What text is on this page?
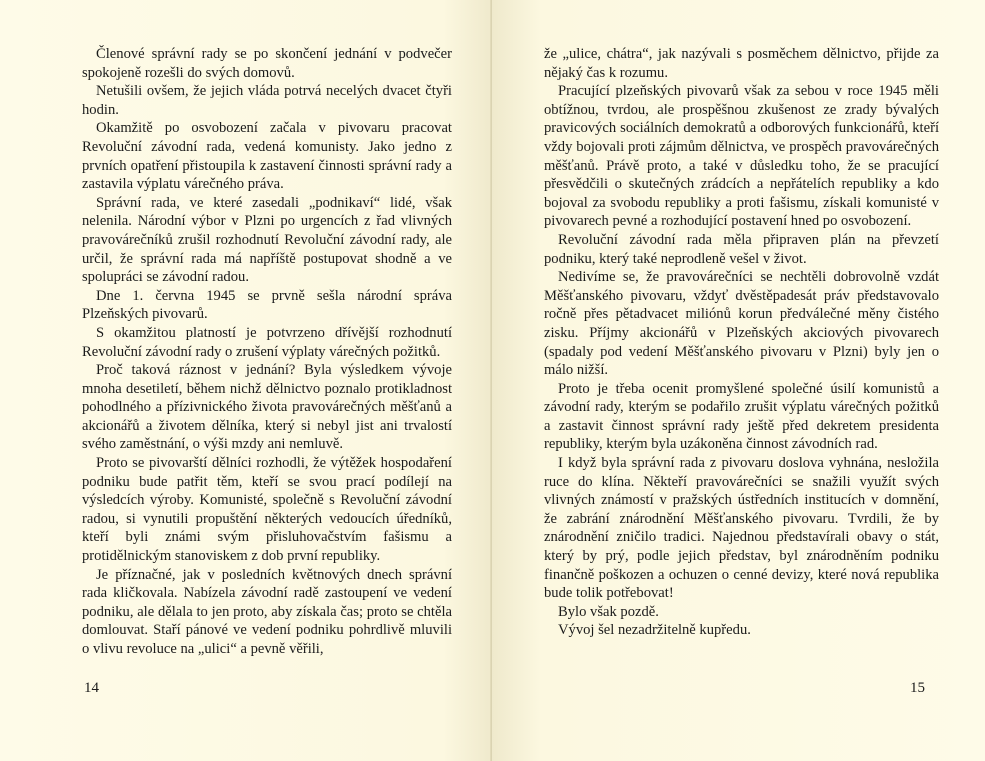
Členové správní rady se po skončení jednání v podvečer spokojeně rozešli do svých domovů.

Netušili ovšem, že jejich vláda potrvá necelých dvacet čtyři hodin.

Okamžitě po osvobození začala v pivovaru pracovat Revoluční závodní rada, vedená komunisty. Jako jedno z prvních opatření přistoupila k zastavení činnosti správní rady a zastavila výplatu várečného práva.

Správní rada, ve které zasedali „podnikaví“ lidé, však nelenila. Národní výbor v Plzni po urgencích z řad vlivných pravovárečníků zrušil rozhodnutí Revoluční závodní rady, ale určil, že správní rada má napříště postupovat shodně a ve spolupráci se závodní radou.

Dne 1. června 1945 se prvně sešla národní správa Plzeňských pivovarů.

S okamžitou platností je potvrzeno dřívější rozhodnutí Revoluční závodní rady o zrušení výplaty várečných požitků.

Proč taková ráznost v jednání? Byla výsledkem vývoje mnoha desetiletí, během nichž dělnictvo poznalo protikladnost pohodlného a přízivnického života pravovárečných měšťanů a akcionářů a životem dělníka, který si nebyl jist ani trvalostí svého zaměstnání, o výši mzdy ani nemluvě.

Proto se pivovarští dělníci rozhodli, že výtěžek hospodaření podniku bude patřit těm, kteří se svou prací podílejí na výsledcích výroby. Komunisté, společně s Revoluční závodní radou, si vynutili propuštění některých vedoucích úředníků, kteří byli známi svým přisluhovačstvím fašismu a protidělnickým stanoviskem z dob první republiky.

Je příznačné, jak v posledních květnových dnech správní rada kličkovala. Nabízela závodní radě zastoupení ve vedení podniku, ale dělala to jen proto, aby získala čas; proto se chtěla domlouvat. Staří pánové ve vedení podniku pohrdlivě mluvili o vlivu revoluce na „ulici“ a pevně věřili,

14

že „ulice, chátra“, jak nazývali s posměchem dělnictvo, přijde za nějaký čas k rozumu.

Pracující plzeňských pivovarů však za sebou v roce 1945 měli obtížnou, tvrdou, ale prospěšnou zkušenost ze zrady bývalých pravicových sociálních demokratů a odborových funkcionářů, kteří vždy bojovali proti zájmům dělnictva, ve prospěch pravovárečných měšťanů. Právě proto, a také v důsledku toho, že se pracující přesvědčili o skutečných zrádcích a nepřátelích republiky a kdo bojoval za svobodu republiky a proti fašismu, získali komunisté v pivovarech pevné a rozhodující postavení hned po osvobození.

Revoluční závodní rada měla připraven plán na převzetí podniku, který také neprodleně vešel v život.

Nedivíme se, že pravovárečníci se nechtěli dobrovolně vzdát Měšťanského pivovaru, vždyť dvěstěpadesát práv představovalo ročně přes pětadvacet miliónů korun předválečné měny čistého zisku. Příjmy akcionářů v Plzeňských akciových pivovarech (spadaly pod vedení Měšťanského pivovaru v Plzni) byly jen o málo nižší.

Proto je třeba ocenit promyšlené společné úsilí komunistů a závodní rady, kterým se podařilo zrušit výplatu várečných požitků a zastavit činnost správní rady ještě před dekretem presidenta republiky, kterým byla uzákoněna činnost závodních rad.

I když byla správní rada z pivovaru doslova vyhnána, nesložila ruce do klína. Někteří pravovárečníci se snažili využít svých vlivných známostí v pražských ústředních institucích v domnění, že zabrání znárodnění Měšťanského pivovaru. Tvrdili, že by znárodnění zničilo tradici. Najednou představírali obavy o stát, který by prý, podle jejich představ, byl znárodněním podniku finančně poškozen a ochuzen o cenné devizy, které nová republika bude tolik potřebovat!

Bylo však pozdě.

Vývoj šel nezadržitelně kupředu.

15
